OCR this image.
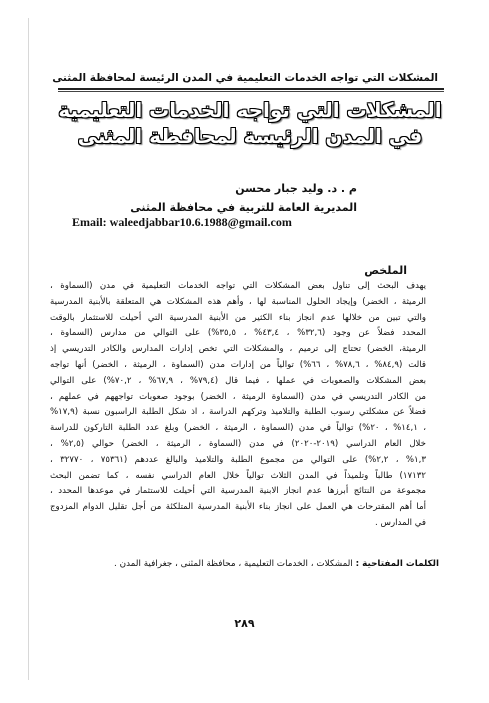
المشكلات التي تواجه الخدمات التعليمية في المدن الرئيسة لمحافظة المثنى
المشكلات التي تواجه الخدمات التعليمية
في المدن الرئيسة لمحافظة المثنى
م . د. وليد جبار محسن
المديرية العامة للتربية في محافظة المثنى
Email: waleedjabbar10.6.1988@gmail.com
الملخص
يهدف البحث إلى تناول بعض المشكلات التي تواجه الخدمات التعليمية في مدن (السماوة ،
الرميثة ، الخضر) وإيجاد الحلول المناسبة لها ، وأهم هذه المشكلات هي المتعلقة بالأبنية المدرسية
والتي تبين من خلالها عدم انجاز بناء الكثير من الأبنية المدرسية التي أحيلت للاستثمار بالوقت
المحدد فضلاً عن وجود (٣٢,٦% ، ٤٣,٤% ، ٣٥,٥%) على التوالي من مدارس (السماوة ،
الرميثة، الخضر) تحتاج إلى ترميم ، والمشكلات التي تخص إدارات المدارس والكادر التدريسي إذ
قالت (٨٤,٩% ، ٧٨,٦% ، ٦٦%) توالياً من إدارات مدن (السماوة ، الرميثة ، الخضر) أنها تواجه
بعض المشكلات والصعوبات في عملها ، فيما قال (٧٩,٤% ، ٦٧,٩% ، ٧٠,٢%) على التوالي
من الكادر التدريسي في مدن (السماوة الرميثة ، الخضر) بوجود صعوبات تواجههم في عملهم ،
فضلاً عن مشكلتي رسوب الطلبة والتلاميذ وتركهم الدراسة ، اذ شكل الطلبة الراسبون نسبة (١٧,٩%
، ١٤,١% ، ٢٠%) توالياً في مدن (السماوة ، الرميثة ، الخضر) وبلغ عدد الطلبة التاركون للدراسة
خلال العام الدراسي (٢٠١٩-٢٠٢٠) في مدن (السماوة ، الرميثة ، الخضر) حوالي (٢,٥% ،
١,٣% ، ٢,٢%) على التوالي من مجموع الطلبة والتلاميذ والبالغ عددهم (٧٥٣٦١ ، ٣٢٧٧٠ ،
١٧١٣٢) طالباً وتلميذاً في المدن الثلاث توالياً خلال العام الدراسي نفسه ، كما تضمن البحث
مجموعة من النتائج أبرزها عدم انجاز الابنية المدرسية التي أحيلت للاستثمار في موعدها المحدد ،
أما أهم المقترحات هي العمل على انجاز بناء الأبنية المدرسية المتلكئة من أجل تقليل الدوام المزدوج
في المدارس .
الكلمات المفتاحية : المشكلات ، الخدمات التعليمية ، محافظة المثنى ، جغرافية المدن .
٢٨٩
